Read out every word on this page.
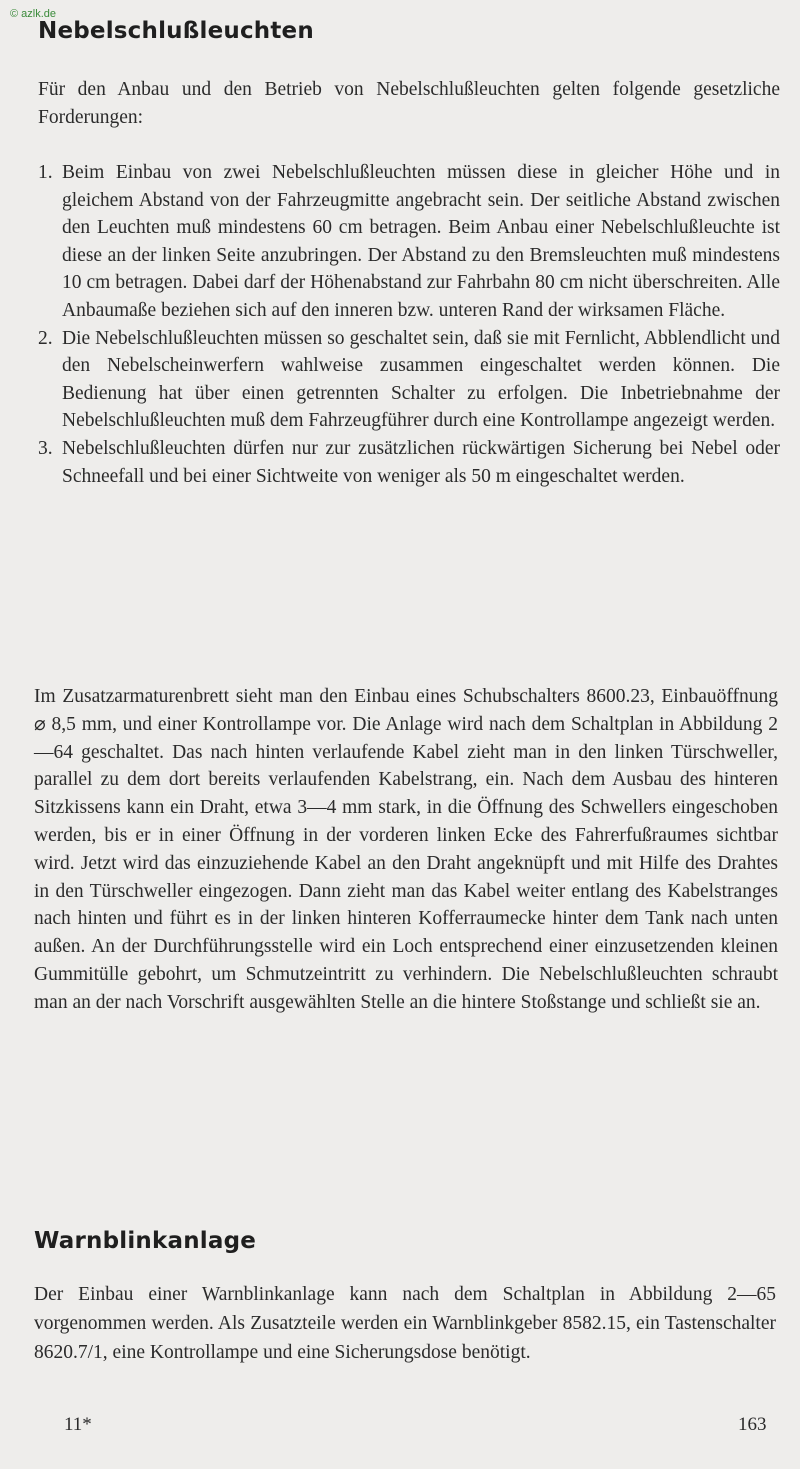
© azlk.de
Nebelschlußleuchten

Für den Anbau und den Betrieb von Nebelschlußleuchten gelten folgende gesetzliche Forderungen:

1. Beim Einbau von zwei Nebelschlußleuchten müssen diese in gleicher Höhe und in gleichem Abstand von der Fahrzeugmitte angebracht sein. Der seitliche Abstand zwischen den Leuchten muß mindestens 60 cm betragen. Beim Anbau einer Nebelschlußleuchte ist diese an der linken Seite anzubringen. Der Abstand zu den Bremsleuchten muß mindestens 10 cm betragen. Dabei darf der Höhenabstand zur Fahrbahn 80 cm nicht überschreiten. Alle Anbaumaße beziehen sich auf den inneren bzw. unteren Rand der wirksamen Fläche.
2. Die Nebelschlußleuchten müssen so geschaltet sein, daß sie mit Fernlicht, Abblendlicht und den Nebelscheinwerfern wahlweise zusammen eingeschaltet werden können. Die Bedienung hat über einen getrennten Schalter zu erfolgen. Die Inbetriebnahme der Nebelschlußleuchten muß dem Fahrzeugführer durch eine Kontrollampe angezeigt werden.
3. Nebelschlußleuchten dürfen nur zur zusätzlichen rückwärtigen Sicherung bei Nebel oder Schneefall und bei einer Sichtweite von weniger als 50 m eingeschaltet werden.

Im Zusatzarmaturenbrett sieht man den Einbau eines Schubschalters 8600.23, Einbauöffnung ⌀ 8,5 mm, und einer Kontrollampe vor. Die Anlage wird nach dem Schaltplan in Abbildung 2—64 geschaltet. Das nach hinten verlaufende Kabel zieht man in den linken Türschweller, parallel zu dem dort bereits verlaufenden Kabelstrang, ein. Nach dem Ausbau des hinteren Sitzkissens kann ein Draht, etwa 3—4 mm stark, in die Öffnung des Schwellers eingeschoben werden, bis er in einer Öffnung in der vorderen linken Ecke des Fahrerfußraumes sichtbar wird. Jetzt wird das einzuziehende Kabel an den Draht angeknüpft und mit Hilfe des Drahtes in den Türschweller eingezogen. Dann zieht man das Kabel weiter entlang des Kabelstranges nach hinten und führt es in der linken hinteren Kofferraumecke hinter dem Tank nach unten außen. An der Durchführungsstelle wird ein Loch entsprechend einer einzusetzenden kleinen Gummitülle gebohrt, um Schmutzeintritt zu verhindern. Die Nebelschlußleuchten schraubt man an der nach Vorschrift ausgewählten Stelle an die hintere Stoßstange und schließt sie an.

Warnblinkanlage

Der Einbau einer Warnblinkanlage kann nach dem Schaltplan in Abbildung 2—65 vorgenommen werden. Als Zusatzteile werden ein Warnblinkgeber 8582.15, ein Tastenschalter 8620.7/1, eine Kontrollampe und eine Sicherungsdose benötigt.

11*	163
